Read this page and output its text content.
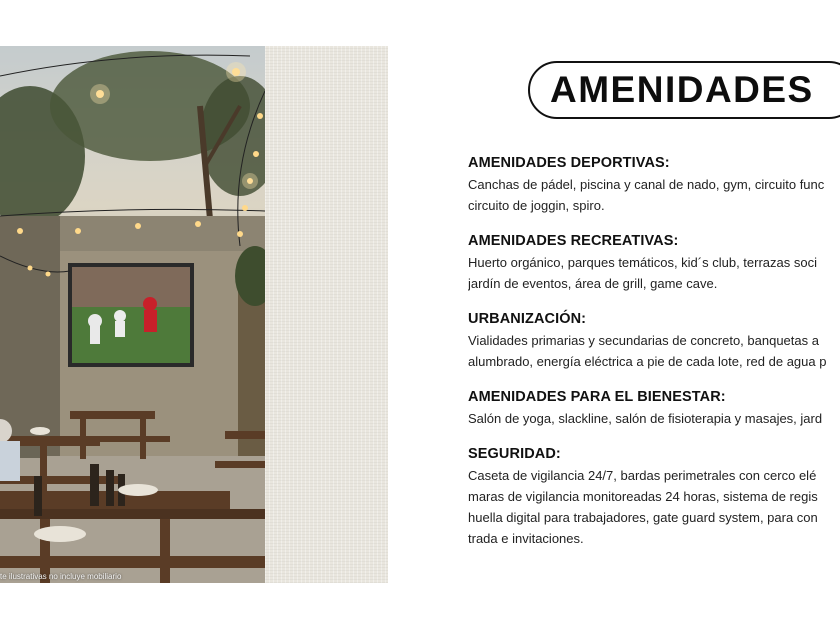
te ilustrativas no incluye mobiliario
AMENIDADES
AMENIDADES DEPORTIVAS:

Canchas de pádel, piscina y canal de nado, gym, circuito func
circuito de joggin, spiro.

AMENIDADES RECREATIVAS:

Huerto orgánico, parques temáticos, kid´s club, terrazas soci
jardín de eventos, área de grill, game cave.

URBANIZACIÓN:

Vialidades primarias y secundarias de concreto, banquetas a
alumbrado, energía eléctrica a pie de cada lote, red de agua p

AMENIDADES PARA EL BIENESTAR:

Salón de yoga, slackline, salón de fisioterapia y masajes, jard

SEGURIDAD:

Caseta de vigilancia 24/7, bardas perimetrales con cerco elé
maras de vigilancia monitoreadas 24 horas, sistema de regis
huella digital para trabajadores, gate guard system, para con
trada e invitaciones.
